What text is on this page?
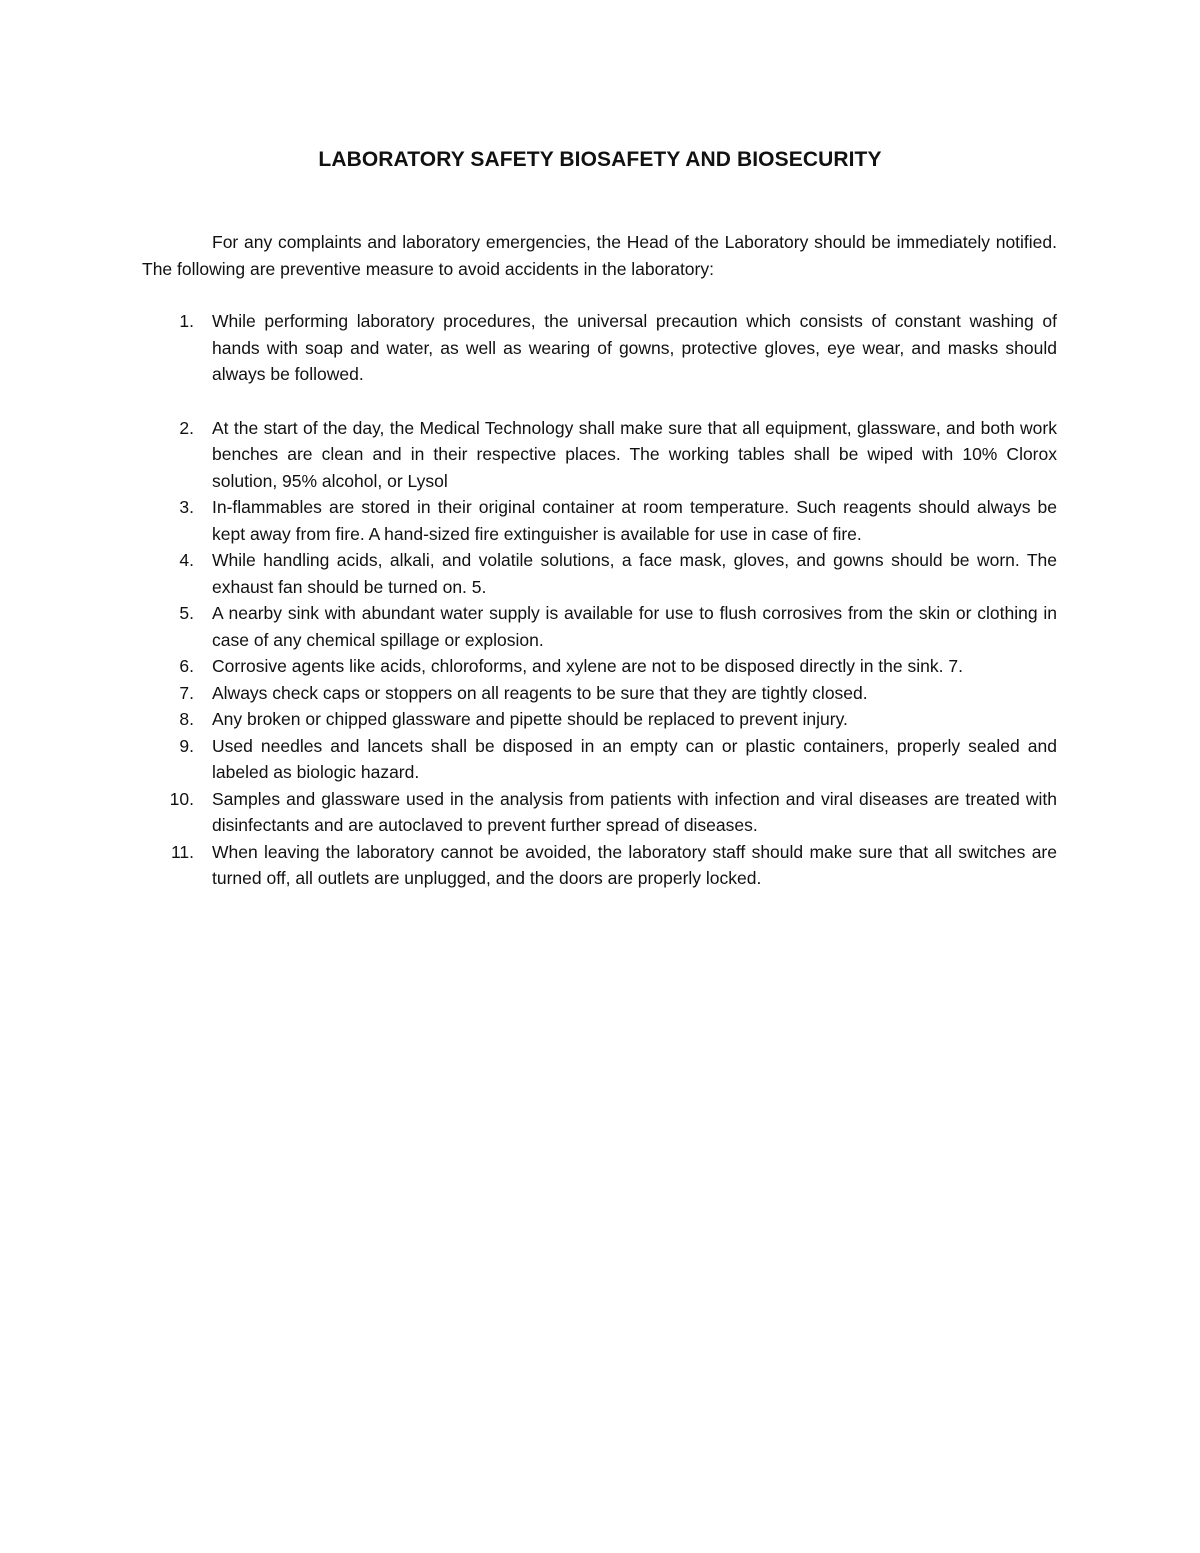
LABORATORY SAFETY BIOSAFETY AND BIOSECURITY

For any complaints and laboratory emergencies, the Head of the Laboratory should be immediately notified. The following are preventive measure to avoid accidents in the laboratory:

1. While performing laboratory procedures, the universal precaution which consists of constant washing of hands with soap and water, as well as wearing of gowns, protective gloves, eye wear, and masks should always be followed.
2. At the start of the day, the Medical Technology shall make sure that all equipment, glassware, and both work benches are clean and in their respective places. The working tables shall be wiped with 10% Clorox solution, 95% alcohol, or Lysol
3. In-flammables are stored in their original container at room temperature. Such reagents should always be kept away from fire. A hand-sized fire extinguisher is available for use in case of fire.
4. While handling acids, alkali, and volatile solutions, a face mask, gloves, and gowns should be worn. The exhaust fan should be turned on. 5.
5. A nearby sink with abundant water supply is available for use to flush corrosives from the skin or clothing in case of any chemical spillage or explosion.
6. Corrosive agents like acids, chloroforms, and xylene are not to be disposed directly in the sink. 7.
7. Always check caps or stoppers on all reagents to be sure that they are tightly closed.
8. Any broken or chipped glassware and pipette should be replaced to prevent injury.
9. Used needles and lancets shall be disposed in an empty can or plastic containers, properly sealed and labeled as biologic hazard.
10. Samples and glassware used in the analysis from patients with infection and viral diseases are treated with disinfectants and are autoclaved to prevent further spread of diseases.
11. When leaving the laboratory cannot be avoided, the laboratory staff should make sure that all switches are turned off, all outlets are unplugged, and the doors are properly locked.
